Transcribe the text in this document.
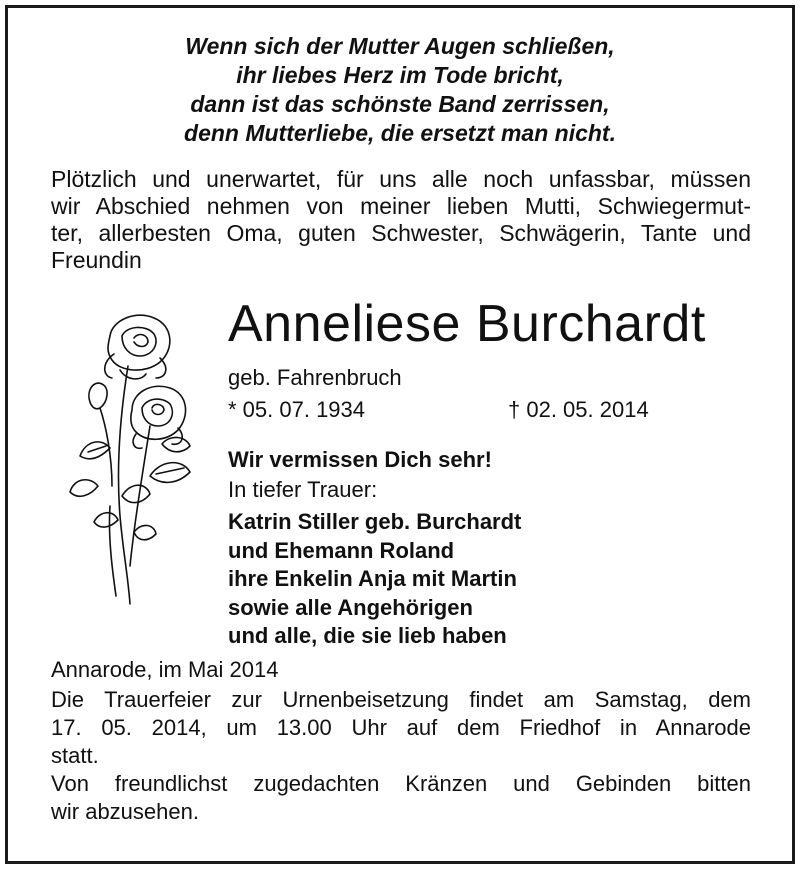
Wenn sich der Mutter Augen schließen,

ihr liebes Herz im Tode bricht,

dann ist das schönste Band zerrissen,

denn Mutterliebe, die ersetzt man nicht.

Plötzlich und unerwartet, für uns alle noch unfassbar, müssen

wir Abschied nehmen von meiner lieben Mutti, Schwiegermut-

ter, allerbesten Oma, guten Schwester, Schwägerin, Tante und

Freundin

Anneliese Burchardt
geb. Fahrenbruch
* 05. 07. 1934	† 02. 05. 2014
Wir vermissen Dich sehr!
In tiefer Trauer:

Katrin Stiller geb. Burchardt

und Ehemann Roland

ihre Enkelin Anja mit Martin

sowie alle Angehörigen

und alle, die sie lieb haben

Annarode, im Mai 2014

Die Trauerfeier zur Urnenbeisetzung findet am Samstag, dem

17. 05. 2014, um 13.00 Uhr auf dem Friedhof in Annarode

statt.

Von freundlichst zugedachten Kränzen und Gebinden bitten

wir abzusehen.
